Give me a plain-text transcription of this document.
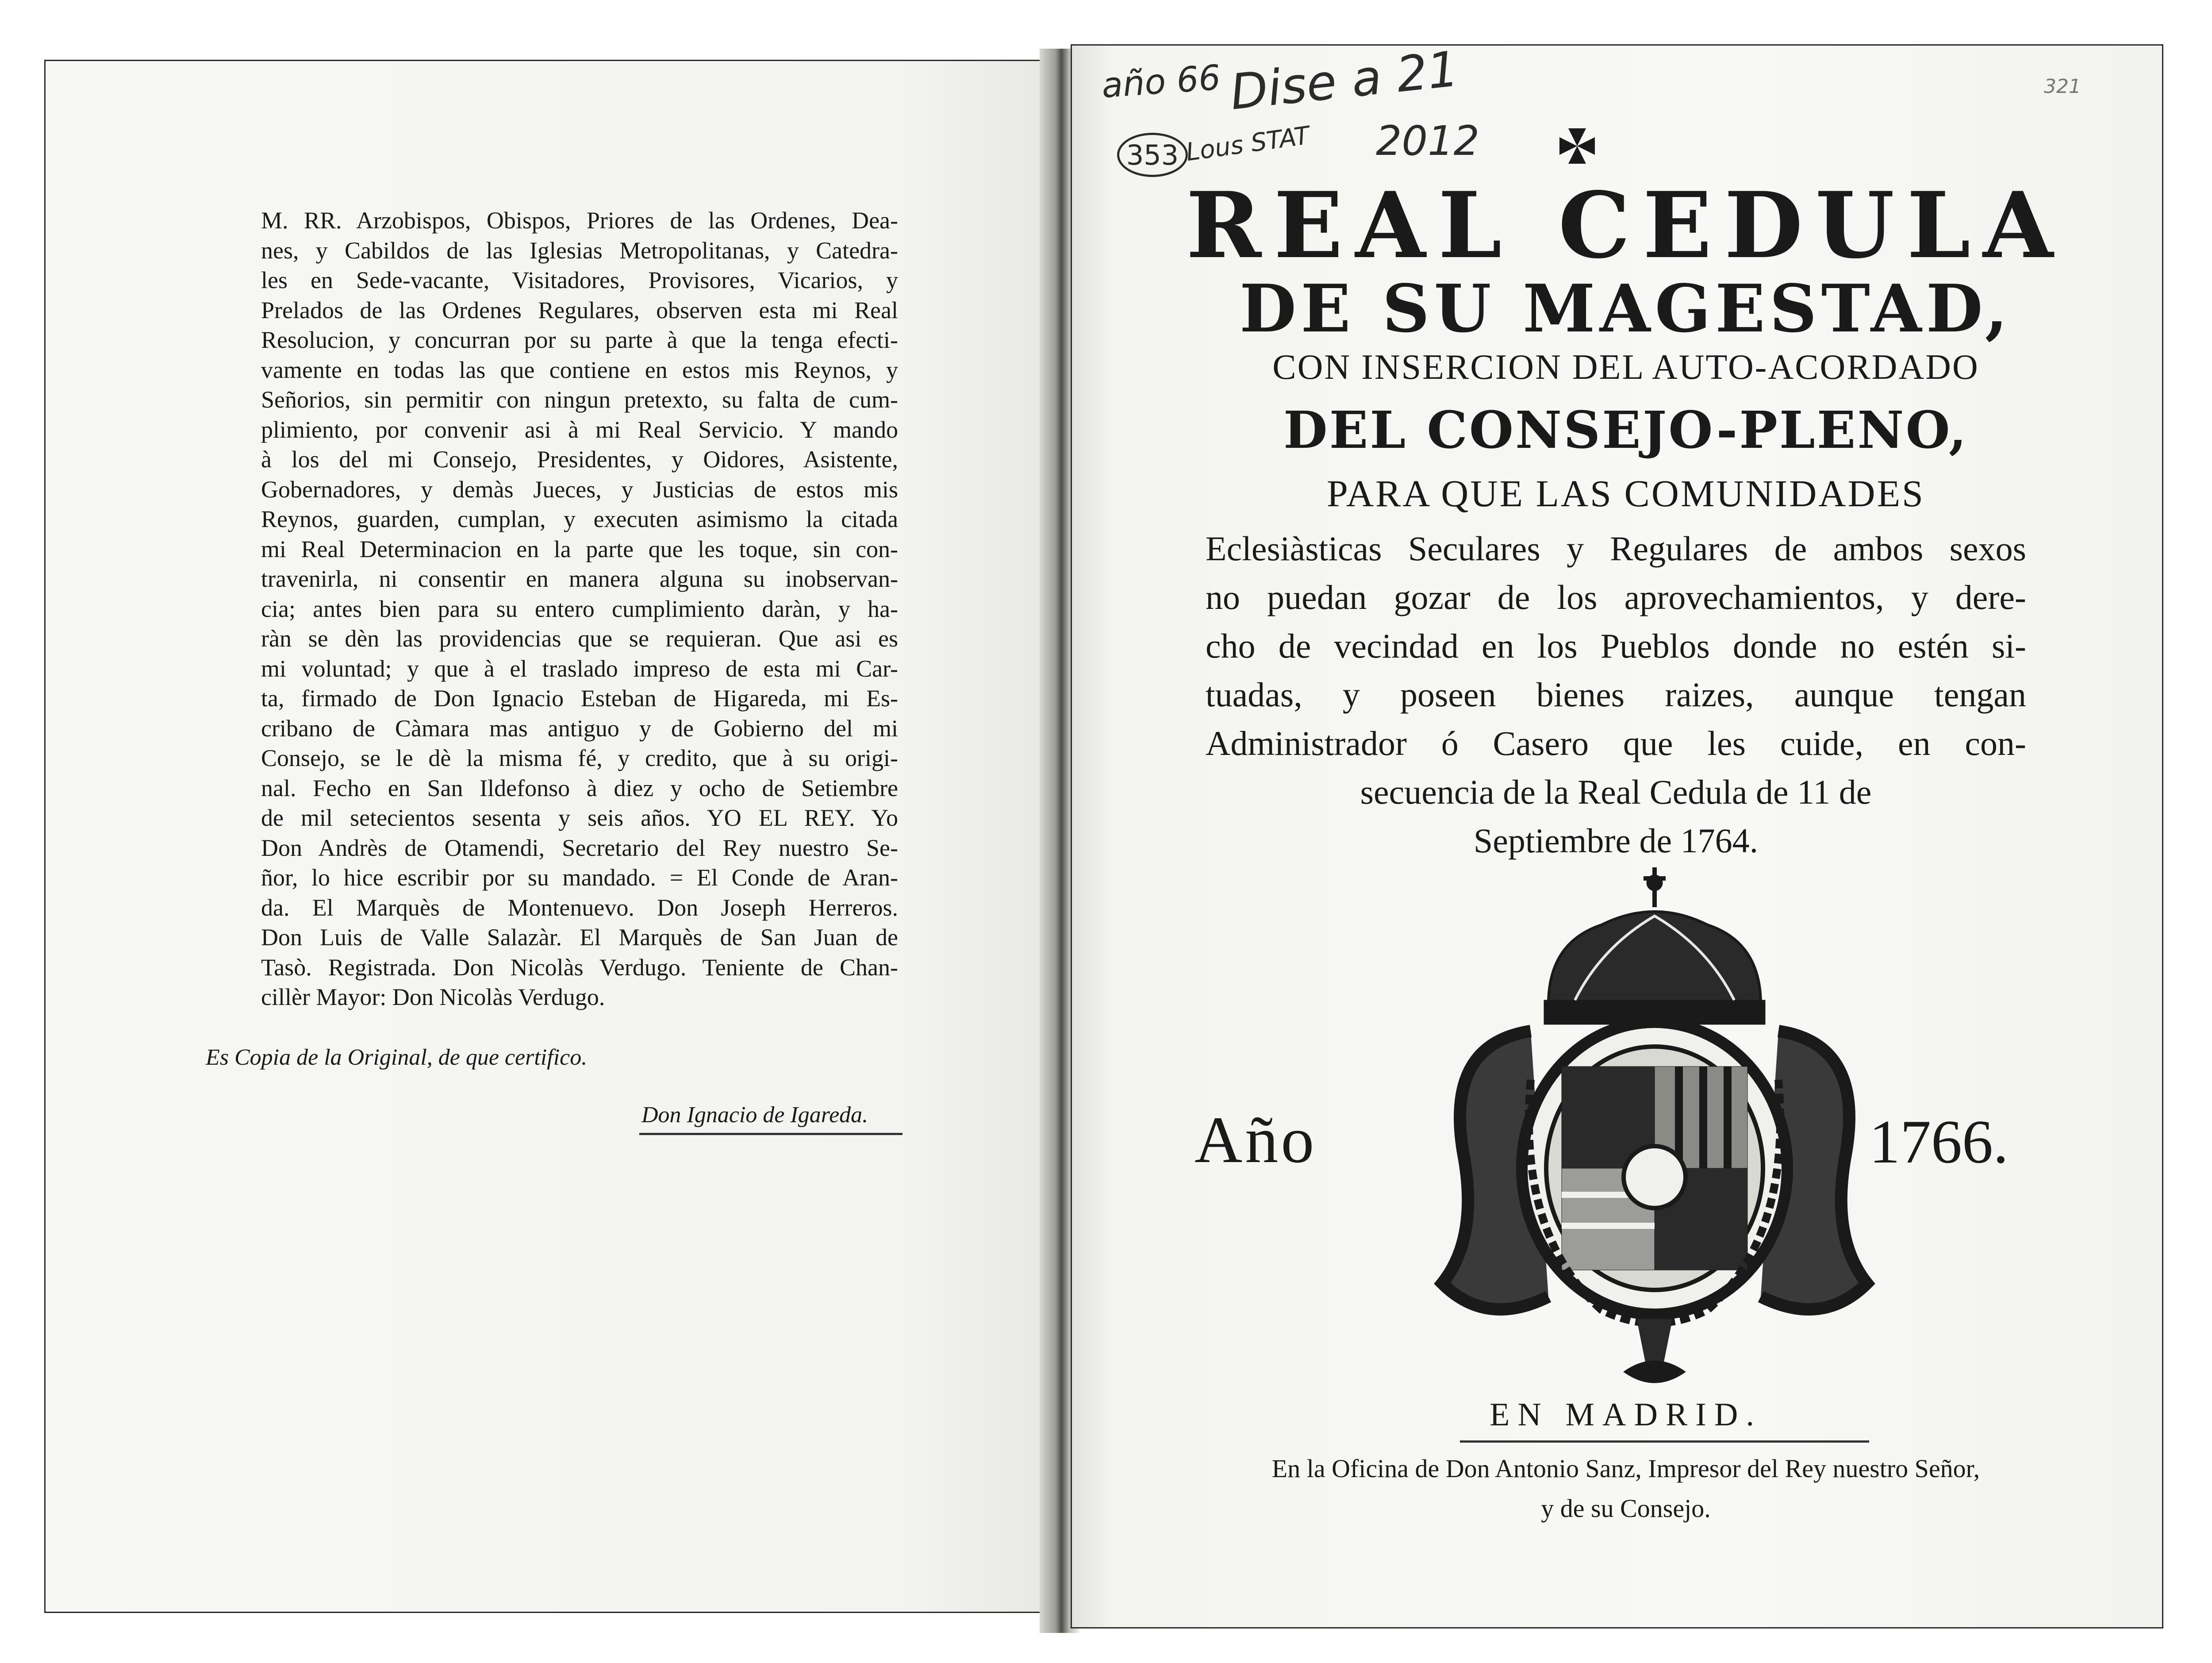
M. RR. Arzobispos, Obispos, Priores de las Ordenes, Dea-
nes, y Cabildos de las Iglesias Metropolitanas, y Catedra-
les en Sede-vacante, Visitadores, Provisores, Vicarios, y
Prelados de las Ordenes Regulares, observen esta mi Real
Resolucion, y concurran por su parte à que la tenga efecti-
vamente en todas las que contiene en estos mis Reynos, y
Señorios, sin permitir con ningun pretexto, su falta de cum-
plimiento, por convenir asi à mi Real Servicio. Y mando
à los del mi Consejo, Presidentes, y Oidores, Asistente,
Gobernadores, y demàs Jueces, y Justicias de estos mis
Reynos, guarden, cumplan, y executen asimismo la citada
mi Real Determinacion en la parte que les toque, sin con-
travenirla, ni consentir en manera alguna su inobservan-
cia; antes bien para su entero cumplimiento daràn, y ha-
ràn se dèn las providencias que se requieran. Que asi es
mi voluntad; y que à el traslado impreso de esta mi Car-
ta, firmado de Don Ignacio Esteban de Higareda, mi Es-
cribano de Càmara mas antiguo y de Gobierno del mi
Consejo, se le dè la misma fé, y credito, que à su origi-
nal. Fecho en San Ildefonso à diez y ocho de Setiembre
de mil setecientos sesenta y seis años. YO EL REY. Yo
Don Andrès de Otamendi, Secretario del Rey nuestro Se-
ñor, lo hice escribir por su mandado. = El Conde de Aran-
da. El Marquès de Montenuevo. Don Joseph Herreros.
Don Luis de Valle Salazàr. El Marquès de San Juan de
Tasò. Registrada. Don Nicolàs Verdugo. Teniente de Chan-
cillèr Mayor: Don Nicolàs Verdugo.
Es Copia de la Original, de que certifico.
Don Ignacio de Igareda.
año 66 Dise a 21
2012
353 Lous STAT
321
REAL CEDULA
DE SU MAGESTAD,
CON INSERCION DEL AUTO-ACORDADO
DEL CONSEJO-PLENO,
PARA QUE LAS COMUNIDADES
Eclesiàsticas Seculares y Regulares de ambos sexos
no puedan gozar de los aprovechamientos, y dere-
cho de vecindad en los Pueblos donde no estén si-
tuadas, y poseen bienes raizes, aunque tengan
Administrador ó Casero que les cuide, en con-
secuencia de la Real Cedula de 11 de
Septiembre de 1764.
Año	1766.
EN MADRID.
En la Oficina de Don Antonio Sanz, Impresor del Rey nuestro Señor,
y de su Consejo.
